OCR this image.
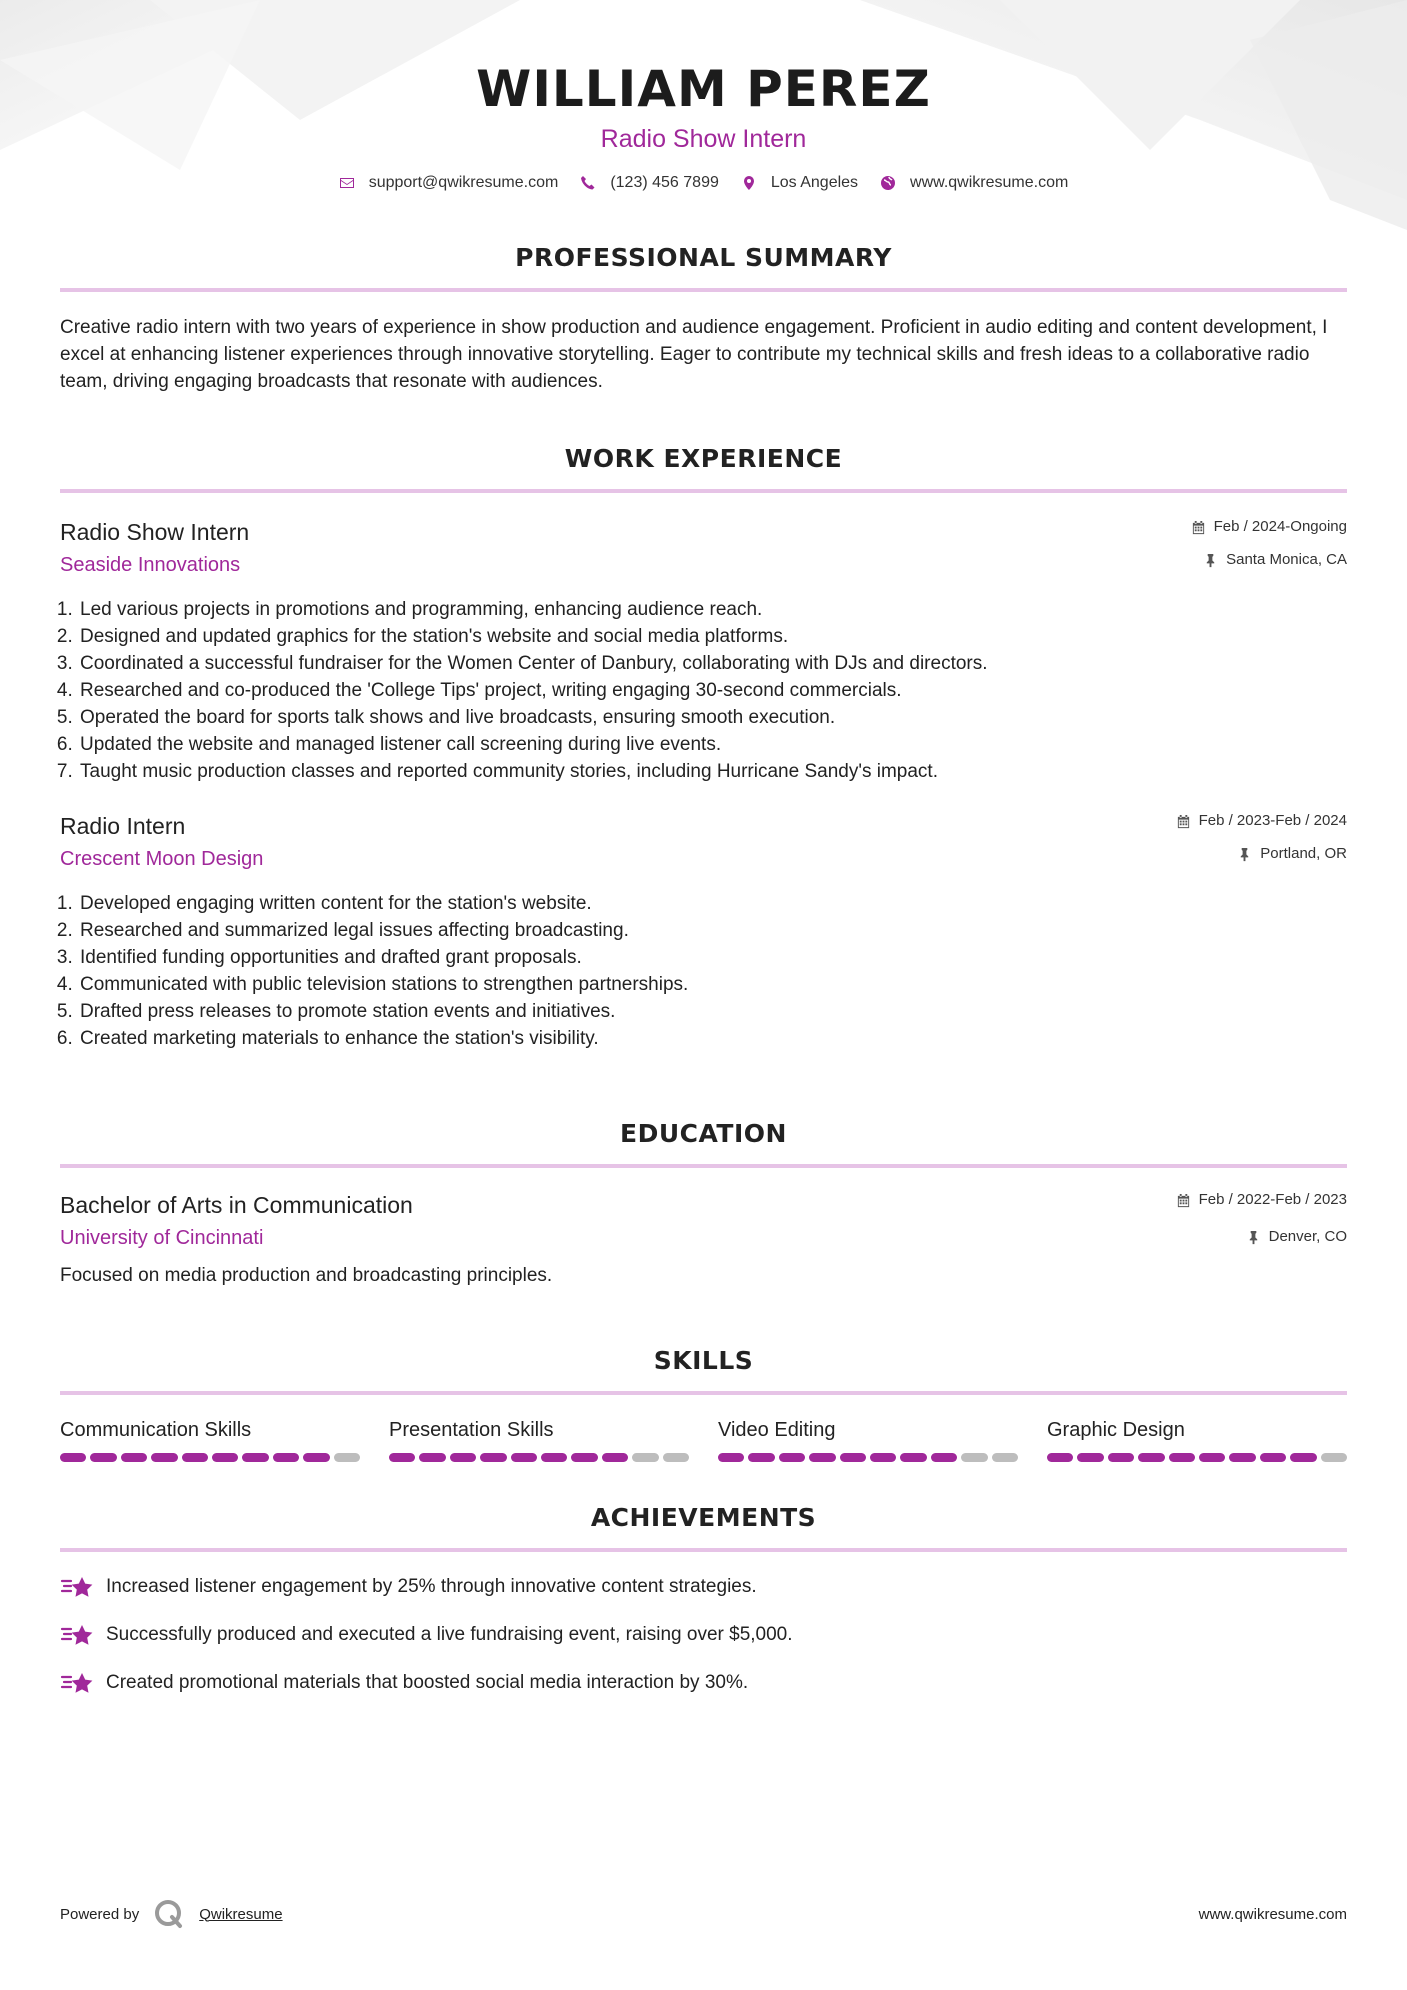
WILLIAM PEREZ
Radio Show Intern
support@qwikresume.com	(123) 456 7899	Los Angeles	www.qwikresume.com
PROFESSIONAL SUMMARY

Creative radio intern with two years of experience in show production and audience engagement. Proficient in audio editing and content development, I excel at enhancing listener experiences through innovative storytelling. Eager to contribute my technical skills and fresh ideas to a collaborative radio team, driving engaging broadcasts that resonate with audiences.

WORK EXPERIENCE
Radio Show Intern
Seaside Innovations
Feb / 2024-Ongoing
Santa Monica, CA
1. Led various projects in promotions and programming, enhancing audience reach.
2. Designed and updated graphics for the station's website and social media platforms.
3. Coordinated a successful fundraiser for the Women Center of Danbury, collaborating with DJs and directors.
4. Researched and co-produced the 'College Tips' project, writing engaging 30-second commercials.
5. Operated the board for sports talk shows and live broadcasts, ensuring smooth execution.
6. Updated the website and managed listener call screening during live events.
7. Taught music production classes and reported community stories, including Hurricane Sandy's impact.
Radio Intern
Crescent Moon Design
Feb / 2023-Feb / 2024
Portland, OR
1. Developed engaging written content for the station's website.
2. Researched and summarized legal issues affecting broadcasting.
3. Identified funding opportunities and drafted grant proposals.
4. Communicated with public television stations to strengthen partnerships.
5. Drafted press releases to promote station events and initiatives.
6. Created marketing materials to enhance the station's visibility.
EDUCATION
Bachelor of Arts in Communication
University of Cincinnati
Feb / 2022-Feb / 2023
Denver, CO

Focused on media production and broadcasting principles.

SKILLS
Communication Skills	Presentation Skills	Video Editing	Graphic Design
ACHIEVEMENTS
Increased listener engagement by 25% through innovative content strategies.
Successfully produced and executed a live fundraising event, raising over $5,000.
Created promotional materials that boosted social media interaction by 30%.
Powered by	Qwikresume	www.qwikresume.com
